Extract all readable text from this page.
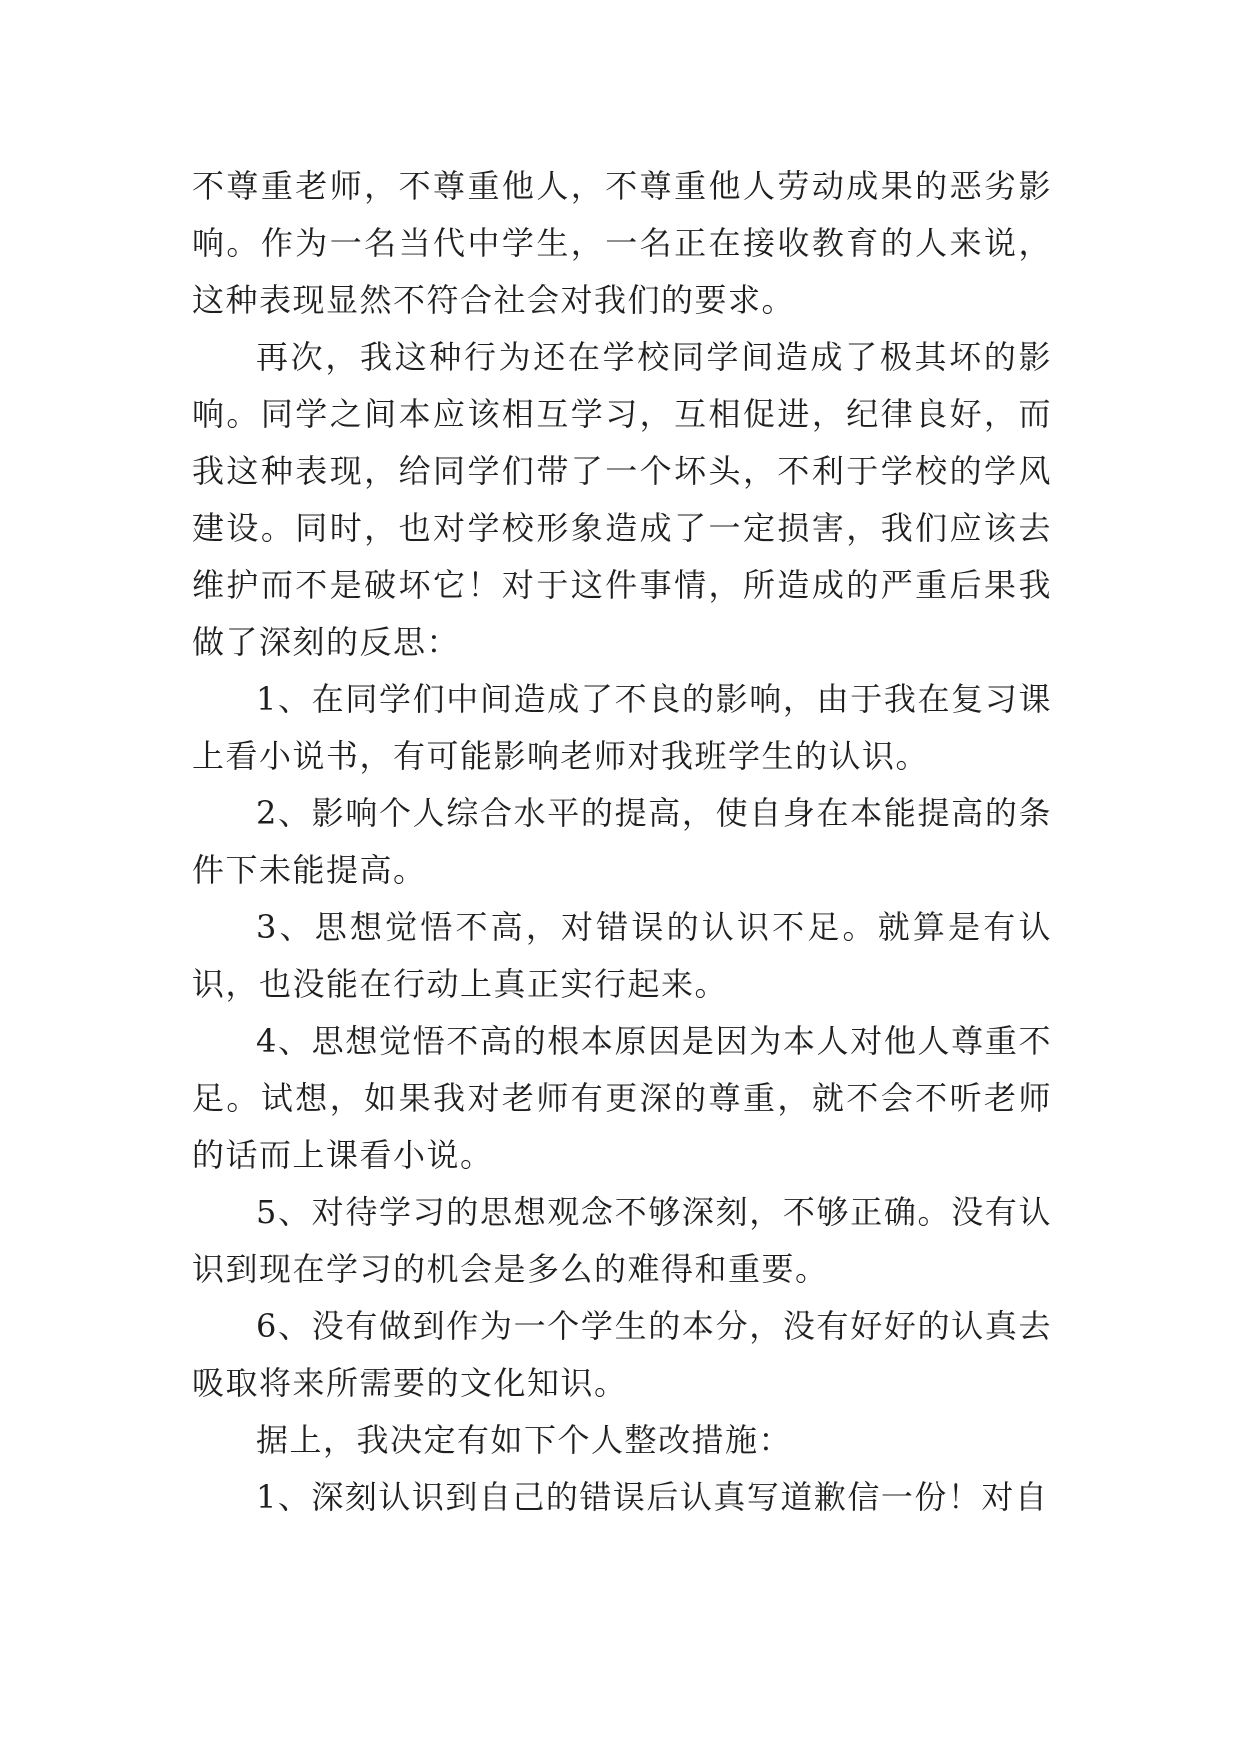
不尊重老师，不尊重他人，不尊重他人劳动成果的恶劣影响。作为一名当代中学生，一名正在接收教育的人来说，这种表现显然不符合社会对我们的要求。

再次，我这种行为还在学校同学间造成了极其坏的影响。同学之间本应该相互学习，互相促进，纪律良好，而我这种表现，给同学们带了一个坏头，不利于学校的学风建设。同时，也对学校形象造成了一定损害，我们应该去维护而不是破坏它！对于这件事情，所造成的严重后果我做了深刻的反思：

1、在同学们中间造成了不良的影响，由于我在复习课上看小说书，有可能影响老师对我班学生的认识。

2、影响个人综合水平的提高，使自身在本能提高的条件下未能提高。

3、思想觉悟不高，对错误的认识不足。就算是有认识，也没能在行动上真正实行起来。

4、思想觉悟不高的根本原因是因为本人对他人尊重不足。试想，如果我对老师有更深的尊重，就不会不听老师的话而上课看小说。

5、对待学习的思想观念不够深刻，不够正确。没有认识到现在学习的机会是多么的难得和重要。

6、没有做到作为一个学生的本分，没有好好的认真去吸取将来所需要的文化知识。

据上，我决定有如下个人整改措施：

1、深刻认识到自己的错误后认真写道歉信一份！对自
